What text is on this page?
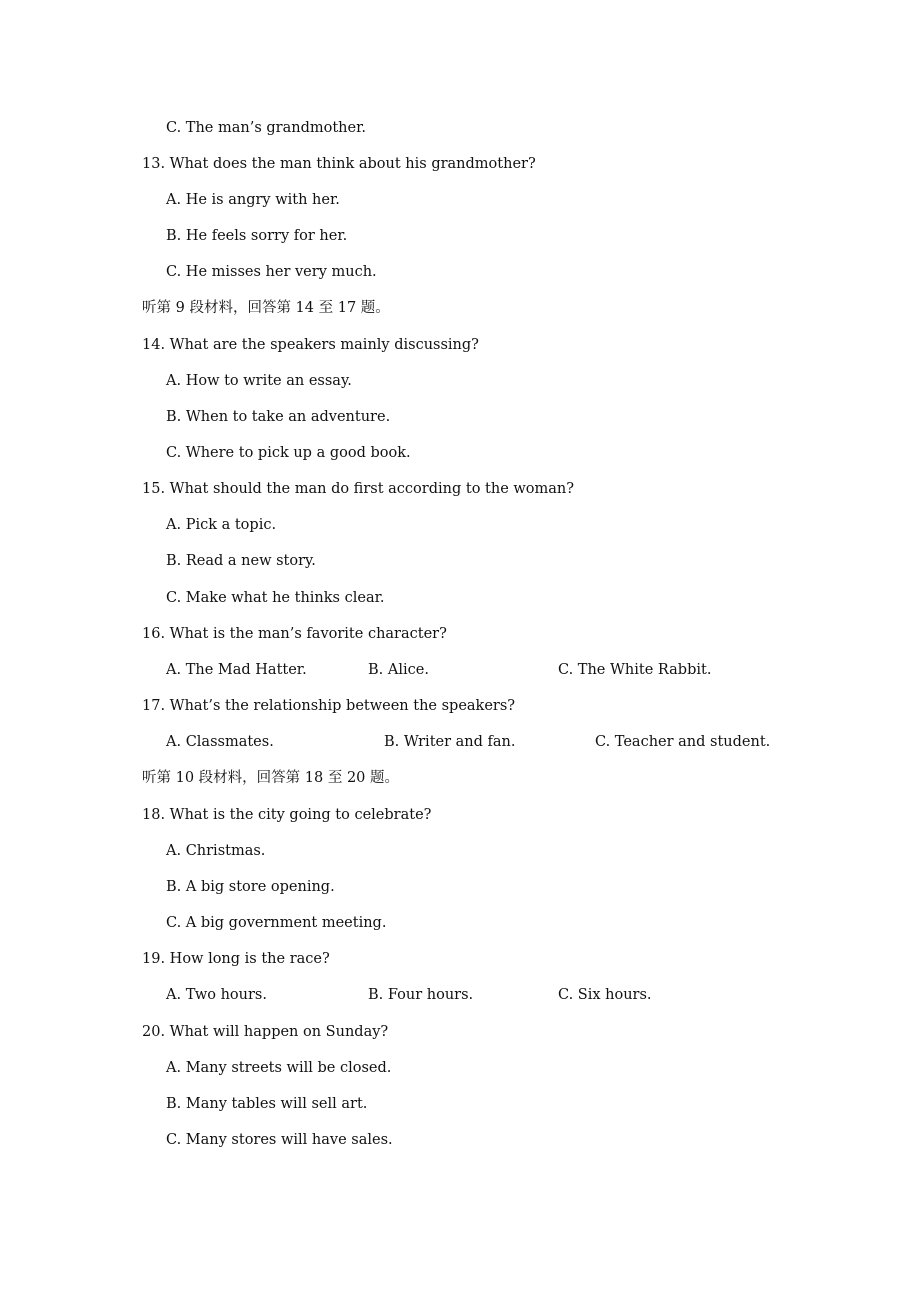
C. The man’s grandmother.
13. What does the man think about his grandmother?
A. He is angry with her.
B. He feels sorry for her.
C. He misses her very much.
听第 9 段材料，回答第 14 至 17 题。
14. What are the speakers mainly discussing?
A. How to write an essay.
B. When to take an adventure.
C. Where to pick up a good book.
15. What should the man do first according to the woman?
A. Pick a topic.
B. Read a new story.
C. Make what he thinks clear.
16. What is the man’s favorite character?

A. The Mad Hatter.

	B. Alice.

	C. The White Rabbit.

17. What’s the relationship between the speakers?

A. Classmates.

	B. Writer and fan.

	C. Teacher and student.

听第 10 段材料，回答第 18 至 20 题。
18. What is the city going to celebrate?
A. Christmas.
B. A big store opening.
C. A big government meeting.
19. How long is the race?

A. Two hours.

	B. Four hours.

	C. Six hours.

20. What will happen on Sunday?
A. Many streets will be closed.
B. Many tables will sell art.
C. Many stores will have sales.
